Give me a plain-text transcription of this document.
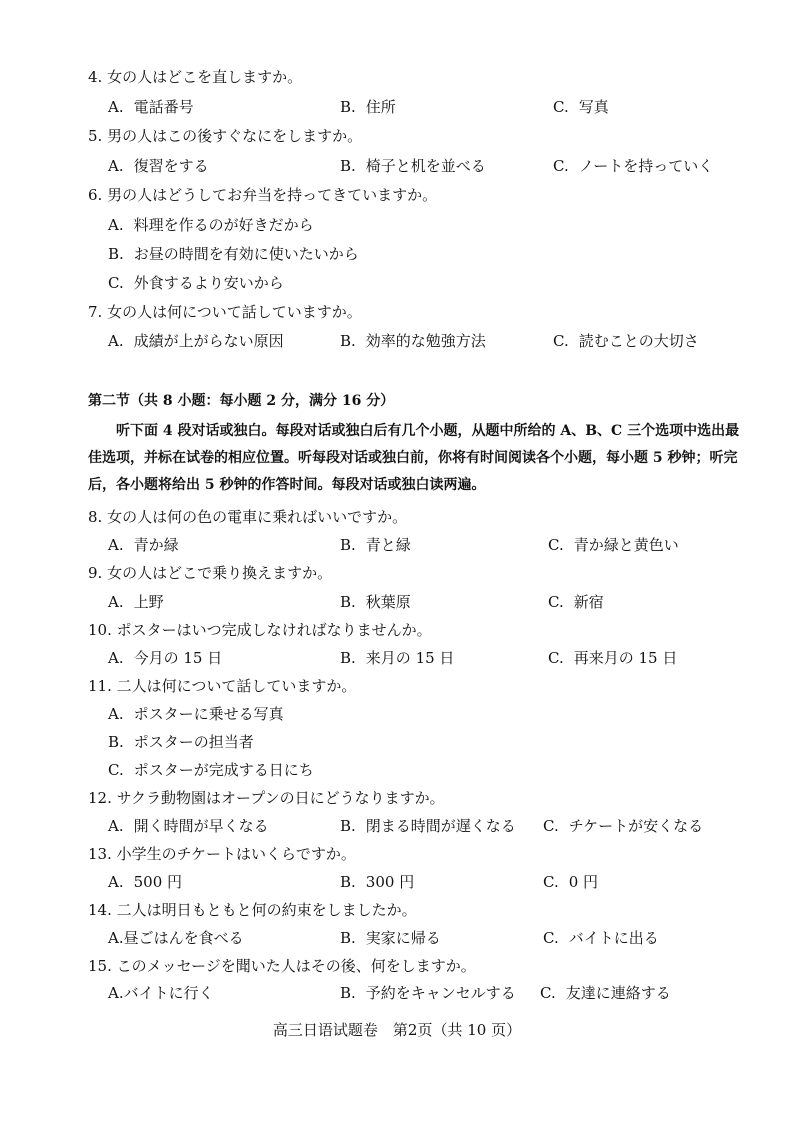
4. 女の人はどこを直しますか。
A. 電話番号	B. 住所	C. 写真
5. 男の人はこの後すぐなにをしますか。
A. 復習をする	B. 椅子と机を並べる	C. ノートを持っていく
6. 男の人はどうしてお弁当を持ってきていますか。
A. 料理を作るのが好きだから
B. お昼の時間を有効に使いたいから
C. 外食するより安いから
7. 女の人は何について話していますか。
A. 成績が上がらない原因	B. 効率的な勉強方法	C. 読むことの大切さ
第二节（共 8 小题：每小题 2 分，满分 16 分）

听下面 4 段对话或独白。每段对话或独白后有几个小题，从题中所给的 A、B、C 三个选项中选出最佳选项，并标在试卷的相应位置。听每段对话或独白前，你将有时间阅读各个小题，每小题 5 秒钟；听完后，各小题将给出 5 秒钟的作答时间。每段对话或独白读两遍。

8. 女の人は何の色の電車に乗ればいいですか。
A. 青か緑	B. 青と緑	C. 青か緑と黄色い
9. 女の人はどこで乗り換えますか。
A. 上野	B. 秋葉原	C. 新宿
10. ポスターはいつ完成しなければなりませんか。
A. 今月の 15 日	B. 来月の 15 日	C. 再来月の 15 日
11. 二人は何について話していますか。
A. ポスターに乗せる写真
B. ポスターの担当者
C. ポスターが完成する日にち
12. サクラ動物園はオープンの日にどうなりますか。
A. 開く時間が早くなる	B. 閉まる時間が遅くなる C. チケートが安くなる
13. 小学生のチケートはいくらですか。
A. 500 円	B. 300 円	C. 0 円
14. 二人は明日もともと何の約束をしましたか。
A.昼ごはんを食べる	B. 実家に帰る	C. バイトに出る
15. このメッセージを聞いた人はその後、何をしますか。
A.バイトに行く	B. 予約をキャンセルする C. 友達に連絡する
高三日语试题卷　第2页（共 10 页）
